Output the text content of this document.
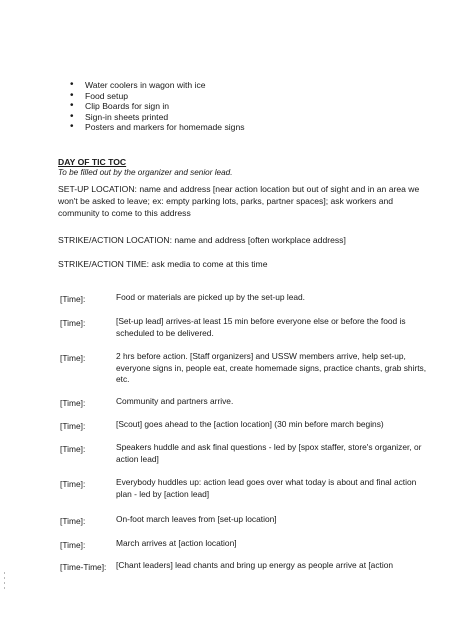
• Water coolers in wagon with ice
• Food setup
• Clip Boards for sign in
• Sign-in sheets printed
• Posters and markers for homemade signs
DAY OF TIC TOC
To be filled out by the organizer and senior lead.
SET-UP LOCATION: name and address [near action location but out of sight and in an area we won't be asked to leave; ex: empty parking lots, parks, partner spaces]; ask workers and community to come to this address
STRIKE/ACTION LOCATION: name and address [often workplace address]
STRIKE/ACTION TIME: ask media to come at this time
[Time]:	Food or materials are picked up by the set-up lead.
[Time]:	[Set-up lead] arrives-at least 15 min before everyone else or before the food is scheduled to be delivered.
[Time]:	2 hrs before action. [Staff organizers] and USSW members arrive, help set-up, everyone signs in, people eat, create homemade signs, practice chants, grab shirts, etc.
[Time]:	Community and partners arrive.
[Time]:	[Scout] goes ahead to the [action location] (30 min before march begins)
[Time]:	Speakers huddle and ask final questions - led by [spox staffer, store's organizer, or action lead]
[Time]:	Everybody huddles up: action lead goes over what today is about and final action plan - led by [action lead]
[Time]:	On-foot march leaves from [set-up location]
[Time]:	March arrives at [action location]
[Time-Time]:	[Chant leaders] lead chants and bring up energy as people arrive at [action
